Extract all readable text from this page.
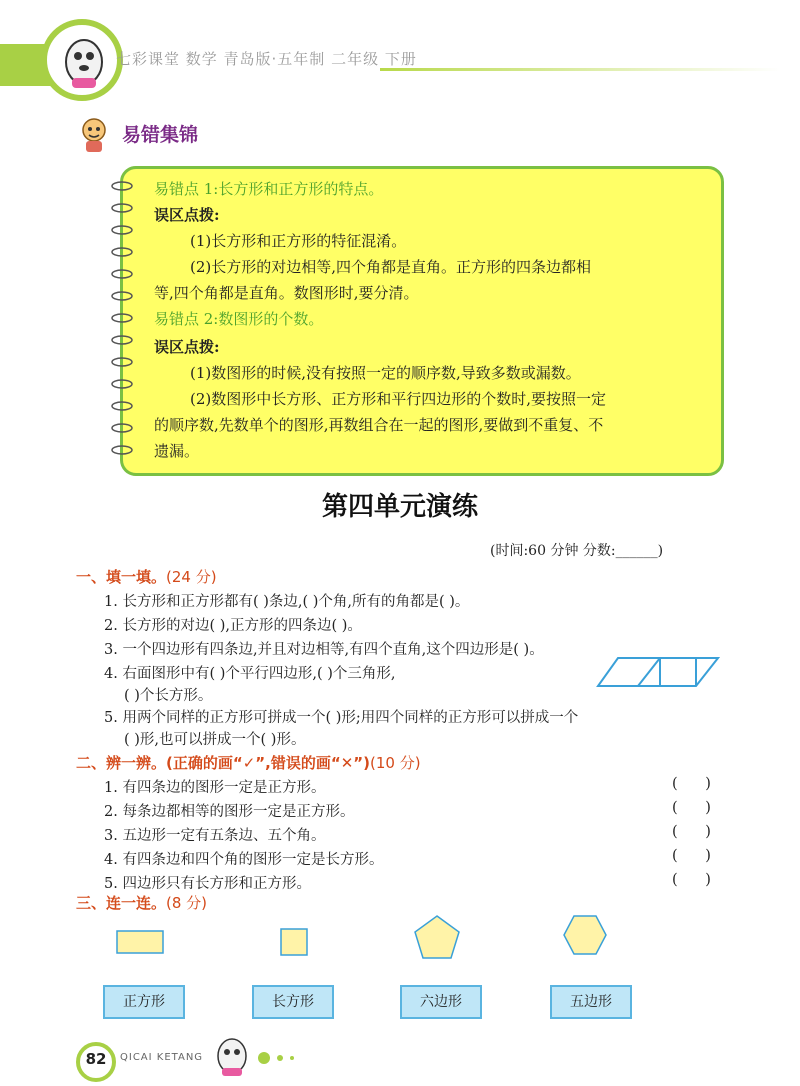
七彩课堂 数学 青岛版·五年制 二年级 下册
易错集锦
易错点 1:长方形和正方形的特点。
误区点拨:
(1)长方形和正方形的特征混淆。
(2)长方形的对边相等,四个角都是直角。正方形的四条边都相
等,四个角都是直角。数图形时,要分清。
易错点 2:数图形的个数。
误区点拨:
(1)数图形的时候,没有按照一定的顺序数,导致多数或漏数。
(2)数图形中长方形、正方形和平行四边形的个数时,要按照一定
的顺序数,先数单个的图形,再数组合在一起的图形,要做到不重复、不
遗漏。
第四单元演练
(时间:60 分钟 分数:______)
一、填一填。(24 分)
1. 长方形和正方形都有( )条边,( )个角,所有的角都是( )。
2. 长方形的对边( ),正方形的四条边( )。
3. 一个四边形有四条边,并且对边相等,有四个直角,这个四边形是( )。
4. 右面图形中有( )个平行四边形,( )个三角形,
( )个长方形。
5. 用两个同样的正方形可拼成一个( )形;用四个同样的正方形可以拼成一个
( )形,也可以拼成一个( )形。
二、辨一辨。(正确的画“✓”,错误的画“✕”)(10 分)
1. 有四条边的图形一定是正方形。	(      )
2. 每条边都相等的图形一定是正方形。	(      )
3. 五边形一定有五条边、五个角。	(      )
4. 有四条边和四个角的图形一定是长方形。	(      )
5. 四边形只有长方形和正方形。	(      )
三、连一连。(8 分)
正方形	长方形	六边形	五边形
82	QICAI KETANG
